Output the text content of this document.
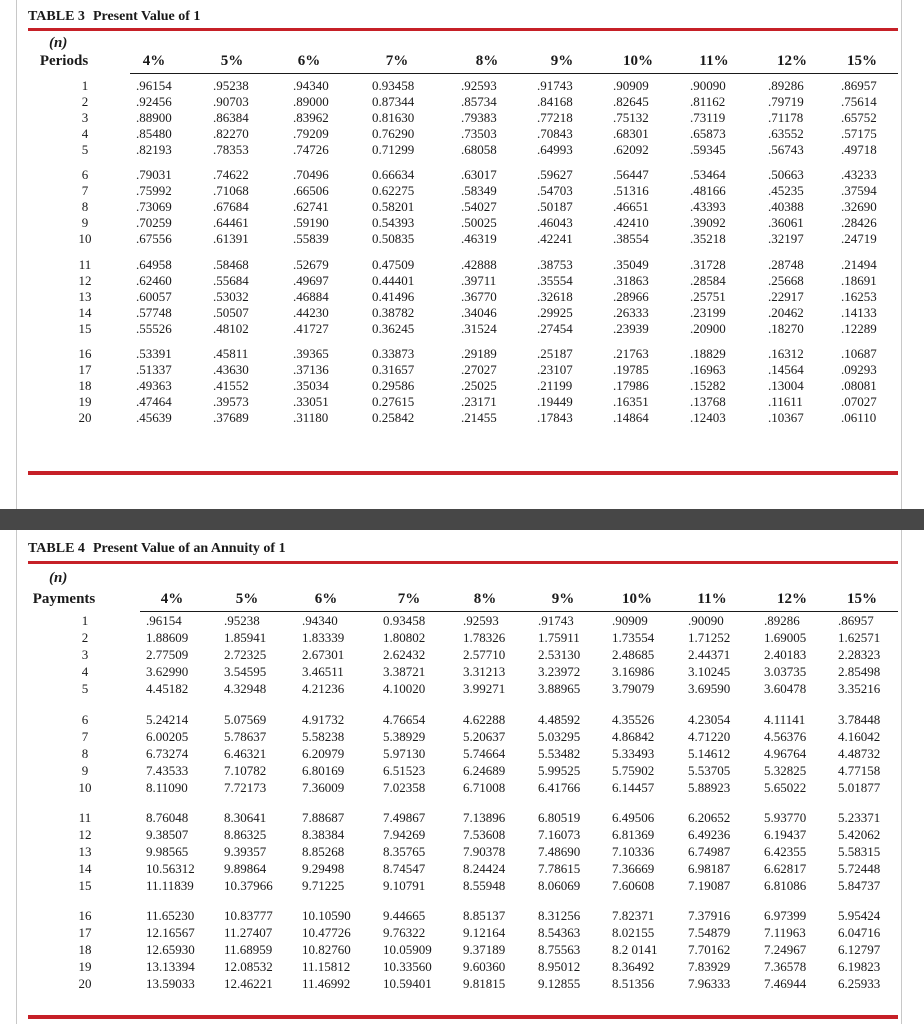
TABLE 3 Present Value of 1
(n)
Periods	4%	5%	6%	7%	8%	9%	10%	11%	12%	15%
1	.96154	.95238	.94340	0.93458	.92593	.91743	.90909	.90090	.89286	.86957
2	.92456	.90703	.89000	0.87344	.85734	.84168	.82645	.81162	.79719	.75614
3	.88900	.86384	.83962	0.81630	.79383	.77218	.75132	.73119	.71178	.65752
4	.85480	.82270	.79209	0.76290	.73503	.70843	.68301	.65873	.63552	.57175
5	.82193	.78353	.74726	0.71299	.68058	.64993	.62092	.59345	.56743	.49718
6	.79031	.74622	.70496	0.66634	.63017	.59627	.56447	.53464	.50663	.43233
7	.75992	.71068	.66506	0.62275	.58349	.54703	.51316	.48166	.45235	.37594
8	.73069	.67684	.62741	0.58201	.54027	.50187	.46651	.43393	.40388	.32690
9	.70259	.64461	.59190	0.54393	.50025	.46043	.42410	.39092	.36061	.28426
10	.67556	.61391	.55839	0.50835	.46319	.42241	.38554	.35218	.32197	.24719
11	.64958	.58468	.52679	0.47509	.42888	.38753	.35049	.31728	.28748	.21494
12	.62460	.55684	.49697	0.44401	.39711	.35554	.31863	.28584	.25668	.18691
13	.60057	.53032	.46884	0.41496	.36770	.32618	.28966	.25751	.22917	.16253
14	.57748	.50507	.44230	0.38782	.34046	.29925	.26333	.23199	.20462	.14133
15	.55526	.48102	.41727	0.36245	.31524	.27454	.23939	.20900	.18270	.12289
16	.53391	.45811	.39365	0.33873	.29189	.25187	.21763	.18829	.16312	.10687
17	.51337	.43630	.37136	0.31657	.27027	.23107	.19785	.16963	.14564	.09293
18	.49363	.41552	.35034	0.29586	.25025	.21199	.17986	.15282	.13004	.08081
19	.47464	.39573	.33051	0.27615	.23171	.19449	.16351	.13768	.11611	.07027
20	.45639	.37689	.31180	0.25842	.21455	.17843	.14864	.12403	.10367	.06110
TABLE 4 Present Value of an Annuity of 1
(n)
Payments	4%	5%	6%	7%	8%	9%	10%	11%	12%	15%
1	.96154	.95238	.94340	0.93458	.92593	.91743	.90909	.90090	.89286	.86957
2	1.88609	1.85941	1.83339	1.80802	1.78326	1.75911 1.73554	1.71252	1.69005 1.62571
3	2.77509	2.72325	2.67301	2.62432	2.57710	2.53130 2.48685	2.44371	2.40183 2.28323
4	3.62990	3.54595	3.46511	3.38721	3.31213	3.23972 3.16986	3.10245	3.03735 2.85498
5	4.45182	4.32948	4.21236	4.10020	3.99271	3.88965 3.79079	3.69590	3.60478 3.35216
6	5.24214	5.07569	4.91732	4.76654	4.62288	4.48592 4.35526	4.23054	4.11141	3.78448
7	6.00205	5.78637	5.58238	5.38929	5.20637	5.03295 4.86842	4.71220	4.56376 4.16042
8	6.73274	6.46321	6.20979	5.97130	5.74664	5.53482 5.33493	5.14612	4.96764 4.48732
9	7.43533	7.10782	6.80169	6.51523	6.24689	5.99525 5.75902	5.53705	5.32825 4.77158
10	8.11090	7.72173	7.36009	7.02358	6.71008	6.41766 6.14457	5.88923	5.65022 5.01877
11	8.76048	8.30641	7.88687	7.49867	7.13896	6.80519 6.49506	6.20652	5.93770 5.23371
12	9.38507	8.86325	8.38384	7.94269	7.53608	7.16073 6.81369	6.49236	6.19437 5.42062
13	9.98565	9.39357	8.85268	8.35765	7.90378	7.48690 7.10336	6.74987	6.42355 5.58315
14	10.56312 9.89864	9.29498	8.74547	8.24424	7.78615 7.36669	6.98187	6.62817 5.72448
15	11.11839 10.37966 9.71225	9.10791	8.55948	8.06069 7.60608	7.19087	6.81086 5.84737
16	11.65230 10.83777 10.10590 9.44665	8.85137	8.31256 7.82371	7.37916	6.97399 5.95424
17	12.16567 11.27407 10.47726 9.76322	9.12164	8.54363 8.02155	7.54879	7.11963 6.04716
18	12.65930 11.68959 10.82760 10.05909 9.37189	8.75563 8.2 0141 7.70162	7.24967 6.12797
19	13.13394 12.08532 11.15812	10.33560 9.60360	8.95012 8.36492	7.83929	7.36578 6.19823
20	13.59033 12.46221 11.46992	10.59401 9.81815	9.12855 8.51356	7.96333	7.46944 6.25933
